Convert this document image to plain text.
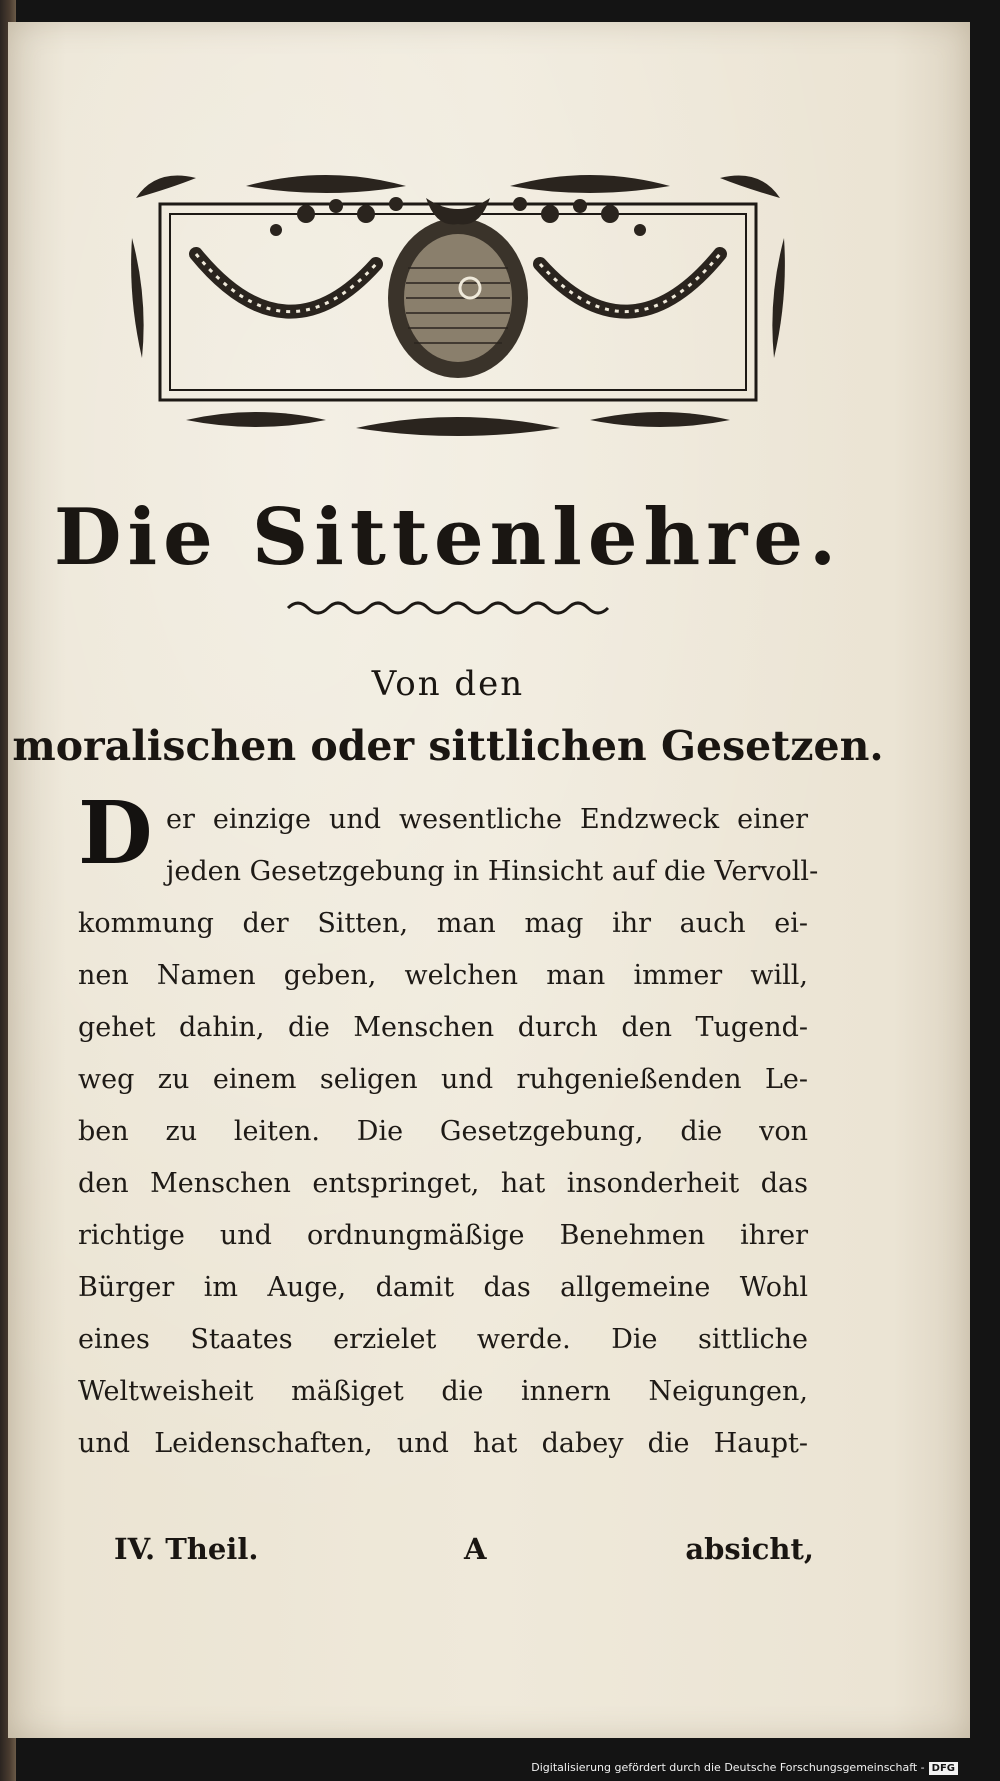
Die Sittenlehre.
Von den
moralischen oder sittlichen Gesetzen.
D er einzige und wesentliche Endzweck einer
jeden Gesetzgebung in Hinsicht auf die Vervoll-
kommung der Sitten, man mag ihr auch ei-
nen Namen geben, welchen man immer will,
gehet dahin, die Menschen durch den Tugend-
weg zu einem seligen und ruhgenießenden Le-
ben zu leiten. Die Gesetzgebung, die von
den Menschen entspringet, hat insonderheit das
richtige und ordnungmäßige Benehmen ihrer
Bürger im Auge, damit das allgemeine Wohl
eines Staates erzielet werde. Die sittliche
Weltweisheit mäßiget die innern Neigungen,
und Leidenschaften, und hat dabey die Haupt-
IV. Theil.	A	absicht,
Digitalisierung gefördert durch die Deutsche Forschungsgemeinschaft - DFG
